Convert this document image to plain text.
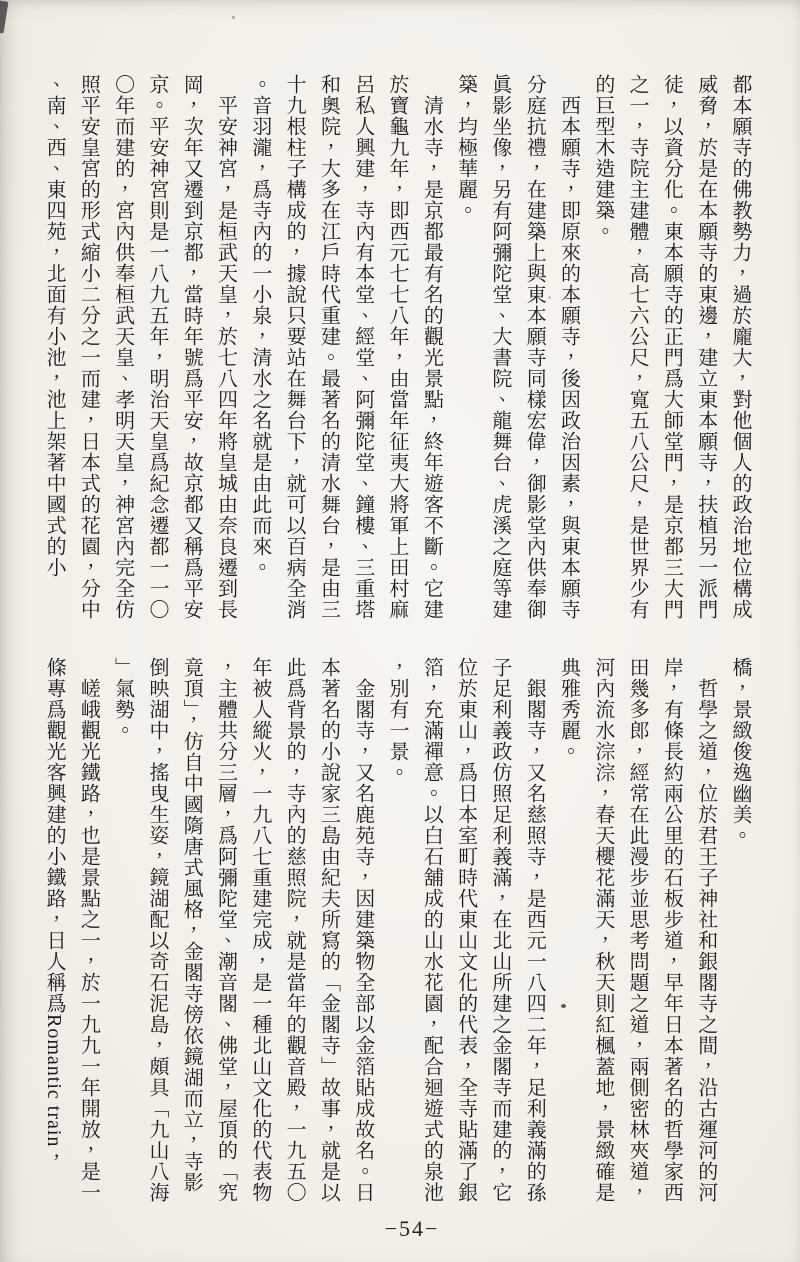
都本願寺的佛教勢力，過於龐大，對他個人的政治地位構成威脅，於是在本願寺的東邊，建立東本願寺，扶植另一派門徒，以資分化。東本願寺的正門爲大師堂門，是京都三大門之一，寺院主建體，高七六公尺，寬五八公尺，是世界少有的巨型木造建築。

西本願寺，即原來的本願寺，後因政治因素，與東本願寺分庭抗禮，在建築上與東本願寺同樣宏偉，御影堂內供奉御眞影坐像，另有阿彌陀堂、大書院、龍舞台、虎溪之庭等建築，均極華麗。

清水寺，是京都最有名的觀光景點，終年遊客不斷。它建於寶龜九年，即西元七七八年，由當年征夷大將軍上田村麻呂私人興建，寺內有本堂、經堂、阿彌陀堂、鐘樓、三重塔和奧院，大多在江戶時代重建。最著名的清水舞台，是由三十九根柱子構成的，據說只要站在舞台下，就可以百病全消。音羽瀧，爲寺內的一小泉，清水之名就是由此而來。

平安神宮，是桓武天皇，於七八四年將皇城由奈良遷到長岡，次年又遷到京都，當時年號爲平安，故京都又稱爲平安京。平安神宮則是一八九五年，明治天皇爲紀念遷都一一〇〇年而建的，宮內供奉桓武天皇、孝明天皇，神宮內完全仿照平安皇宮的形式縮小二分之一而建，日本式的花園，分中、南、西、東四苑，北面有小池，池上架著中國式的小

橋，景緻俊逸幽美。

哲學之道，位於君王子神社和銀閣寺之間，沿古運河的河岸，有條長約兩公里的石板步道，早年日本著名的哲學家西田幾多郎，經常在此漫步並思考問題之道，兩側密林夾道，河內流水淙淙，春天櫻花滿天，秋天則紅楓蓋地，景緻確是典雅秀麗。

銀閣寺，又名慈照寺，是西元一八四二年，足利義滿的孫子足利義政仿照足利義滿，在北山所建之金閣寺而建的，它位於東山，爲日本室町時代東山文化的代表，全寺貼滿了銀箔，充滿禪意。以白石舖成的山水花園，配合迴遊式的泉池，別有一景。

金閣寺，又名鹿苑寺，因建築物全部以金箔貼成故名。日本著名的小說家三島由紀夫所寫的「金閣寺」故事，就是以此爲背景的，寺內的慈照院，就是當年的觀音殿，一九五〇年被人縱火，一九八七重建完成，是一種北山文化的代表物，主體共分三層，爲阿彌陀堂、潮音閣、佛堂，屋頂的「究竟頂」，仿自中國隋唐式風格，金閣寺傍依鏡湖而立，寺影倒映湖中，搖曳生姿，鏡湖配以奇石泥島，頗具「九山八海」氣勢。

嵯峨觀光鐵路，也是景點之一，於一九九一年開放，是一條專爲觀光客興建的小鐵路，日人稱爲Romantic train，

−54−
